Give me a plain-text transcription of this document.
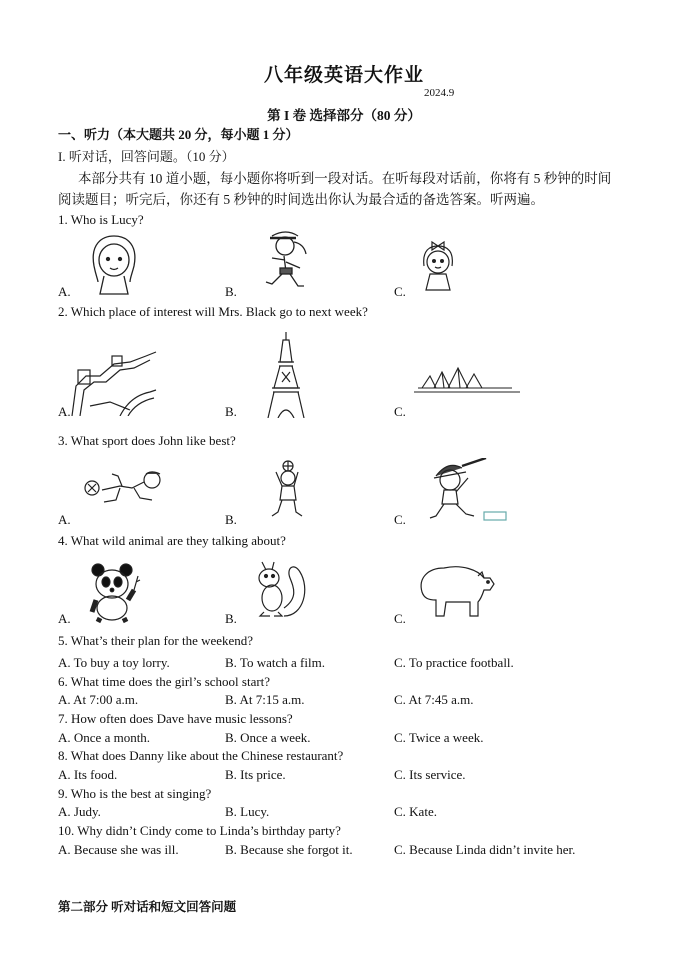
八年级英语大作业
2024.9
第 I 卷 选择部分（80 分）
一、听力（本大题共 20 分，每小题 1 分）
I. 听对话，回答问题。（10 分）
本部分共有 10 道小题，每小题你将听到一段对话。在听每段对话前，你将有 5 秒钟的时间
阅读题目；听完后，你还有 5 秒钟的时间选出你认为最合适的备选答案。听两遍。
1. Who is Lucy?
A.	B.	C.
2. Which place of interest will Mrs. Black go to next week?
A.	B.	C.
3. What sport does John like best?
A.	B.	C.
4. What wild animal are they talking about?
A.	B.	C.
5. What’s their plan for the weekend?
A. To buy a toy lorry.	B. To watch a film.	C. To practice football.
6. What time does the girl’s school start?
A. At 7:00 a.m.	B. At 7:15 a.m.	C. At 7:45 a.m.
7. How often does Dave have music lessons?
A. Once a month.	B. Once a week.	C. Twice a week.
8. What does Danny like about the Chinese restaurant?
A. Its food.	B. Its price.	C. Its service.
9. Who is the best at singing?
A. Judy.	B. Lucy.	C. Kate.
10. Why didn’t Cindy come to Linda’s birthday party?
A. Because she was ill.	B. Because she forgot it.	C. Because Linda didn’t invite her.
第二部分 听对话和短文回答问题
